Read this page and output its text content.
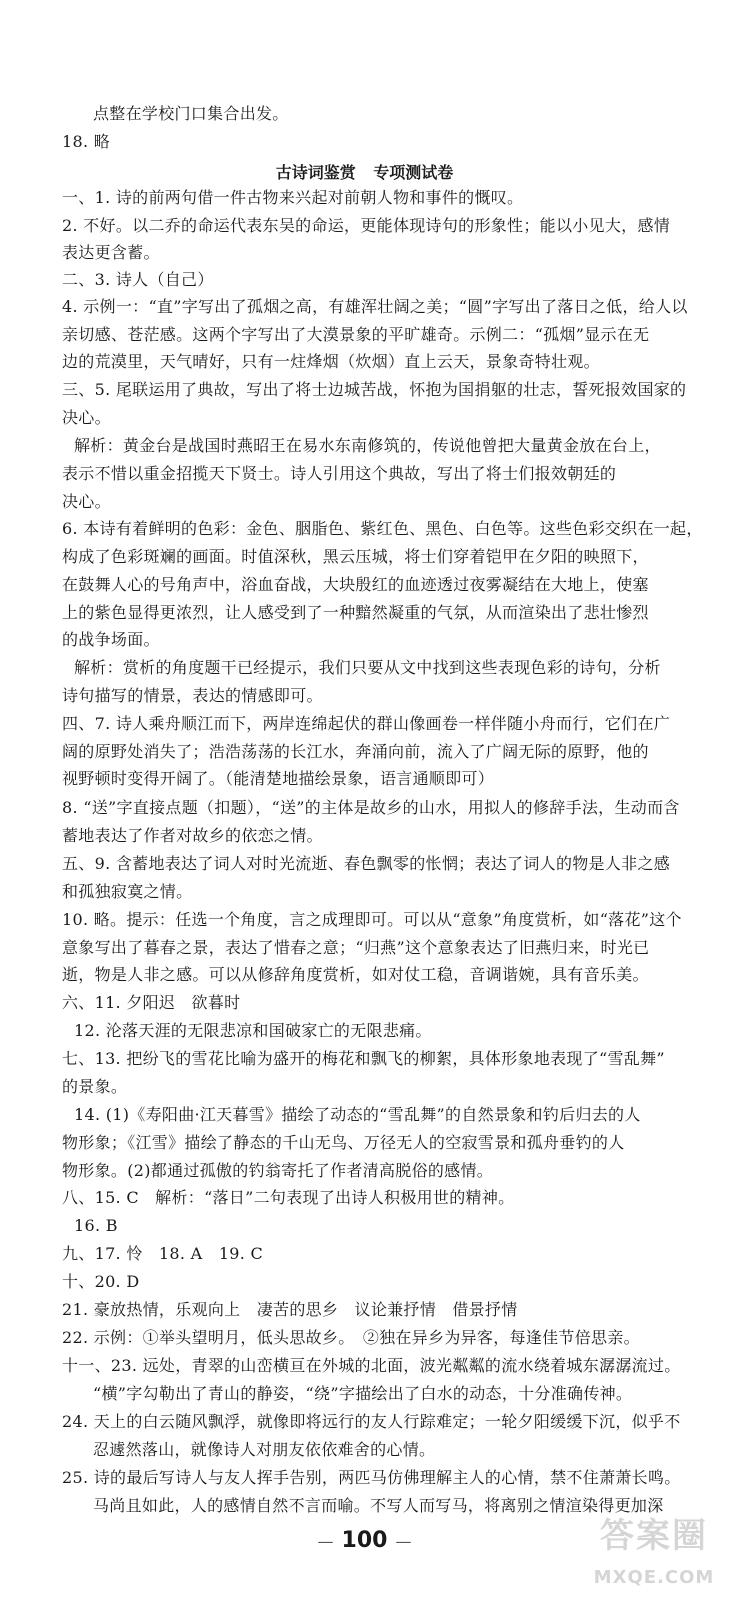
点整在学校门口集合出发。
18. 略
古诗词鉴赏 专项测试卷
一、1. 诗的前两句借一件古物来兴起对前朝人物和事件的慨叹。
2. 不好。以二乔的命运代表东吴的命运，更能体现诗句的形象性；能以小见大，感情
表达更含蓄。
二、3. 诗人（自己）
4. 示例一：“直”字写出了孤烟之高，有雄浑壮阔之美；“圆”字写出了落日之低，给人以
亲切感、苍茫感。这两个字写出了大漠景象的平旷雄奇。示例二：“孤烟”显示在无
边的荒漠里，天气晴好，只有一炷烽烟（炊烟）直上云天，景象奇特壮观。
三、5. 尾联运用了典故，写出了将士边城苦战，怀抱为国捐躯的壮志，誓死报效国家的
决心。
解析：黄金台是战国时燕昭王在易水东南修筑的，传说他曾把大量黄金放在台上，
表示不惜以重金招揽天下贤士。诗人引用这个典故，写出了将士们报效朝廷的
决心。
6. 本诗有着鲜明的色彩：金色、胭脂色、紫红色、黑色、白色等。这些色彩交织在一起，
构成了色彩斑斓的画面。时值深秋，黑云压城，将士们穿着铠甲在夕阳的映照下，
在鼓舞人心的号角声中，浴血奋战，大块殷红的血迹透过夜雾凝结在大地上，使塞
上的紫色显得更浓烈，让人感受到了一种黯然凝重的气氛，从而渲染出了悲壮惨烈
的战争场面。
解析：赏析的角度题干已经提示，我们只要从文中找到这些表现色彩的诗句，分析
诗句描写的情景，表达的情感即可。
四、7. 诗人乘舟顺江而下，两岸连绵起伏的群山像画卷一样伴随小舟而行，它们在广
阔的原野处消失了；浩浩荡荡的长江水，奔涌向前，流入了广阔无际的原野，他的
视野顿时变得开阔了。（能清楚地描绘景象，语言通顺即可）
8. “送”字直接点题（扣题），“送”的主体是故乡的山水，用拟人的修辞手法，生动而含
蓄地表达了作者对故乡的依恋之情。
五、9. 含蓄地表达了词人对时光流逝、春色飘零的怅惘；表达了词人的物是人非之感
和孤独寂寞之情。
10. 略。提示：任选一个角度，言之成理即可。可以从“意象”角度赏析，如“落花”这个
意象写出了暮春之景，表达了惜春之意；“归燕”这个意象表达了旧燕归来，时光已
逝，物是人非之感。可以从修辞角度赏析，如对仗工稳，音调谐婉，具有音乐美。
六、11. 夕阳迟　欲暮时
12. 沦落天涯的无限悲凉和国破家亡的无限悲痛。
七、13. 把纷飞的雪花比喻为盛开的梅花和飘飞的柳絮，具体形象地表现了“雪乱舞”
的景象。
14. (1)《寿阳曲·江天暮雪》描绘了动态的“雪乱舞”的自然景象和钓后归去的人
物形象；《江雪》描绘了静态的千山无鸟、万径无人的空寂雪景和孤舟垂钓的人
物形象。(2)都通过孤傲的钓翁寄托了作者清高脱俗的感情。
八、15. C　解析：“落日”二句表现了出诗人积极用世的精神。
16. B
九、17. 怜　18. A　19. C
十、20. D
21. 豪放热情，乐观向上　凄苦的思乡　议论兼抒情　借景抒情
22. 示例：①举头望明月，低头思故乡。　②独在异乡为异客，每逢佳节倍思亲。
十一、23. 远处，青翠的山峦横亘在外城的北面，波光粼粼的流水绕着城东潺潺流过。
“横”字勾勒出了青山的静姿，“绕”字描绘出了白水的动态，十分准确传神。
24. 天上的白云随风飘浮，就像即将远行的友人行踪难定；一轮夕阳缓缓下沉，似乎不
忍遽然落山，就像诗人对朋友依依难舍的心情。
25. 诗的最后写诗人与友人挥手告别，两匹马仿佛理解主人的心情，禁不住萧萧长鸣。
马尚且如此，人的感情自然不言而喻。不写人而写马，将离别之情渲染得更加深
— 100 —	答案圈
MXQE.COM
